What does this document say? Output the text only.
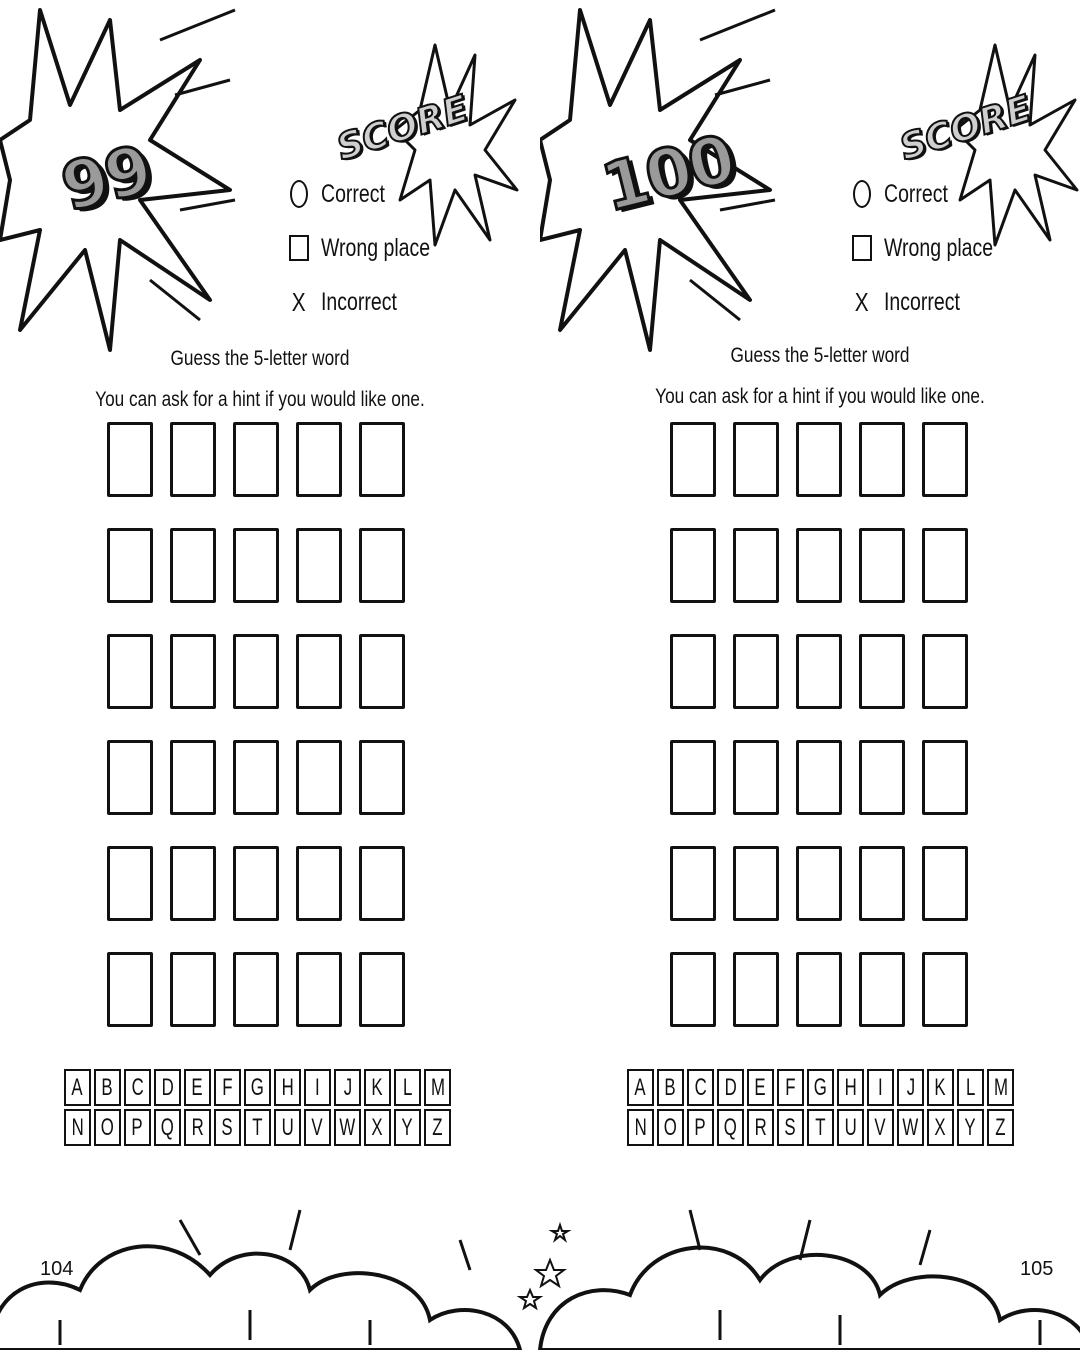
99
SCORE
Correct
Wrong place
X Incorrect
Guess the 5-letter word
You can ask for a hint if you would like one.
A B C D E F G H I J K L M
N O P Q R S T U V W X Y Z
104
100	SCORE
Correct
Wrong place
X Incorrect
Guess the 5-letter word
You can ask for a hint if you would like one.
A B C D E F G H I J K L M
N O P Q R S T U V W X Y Z
105
